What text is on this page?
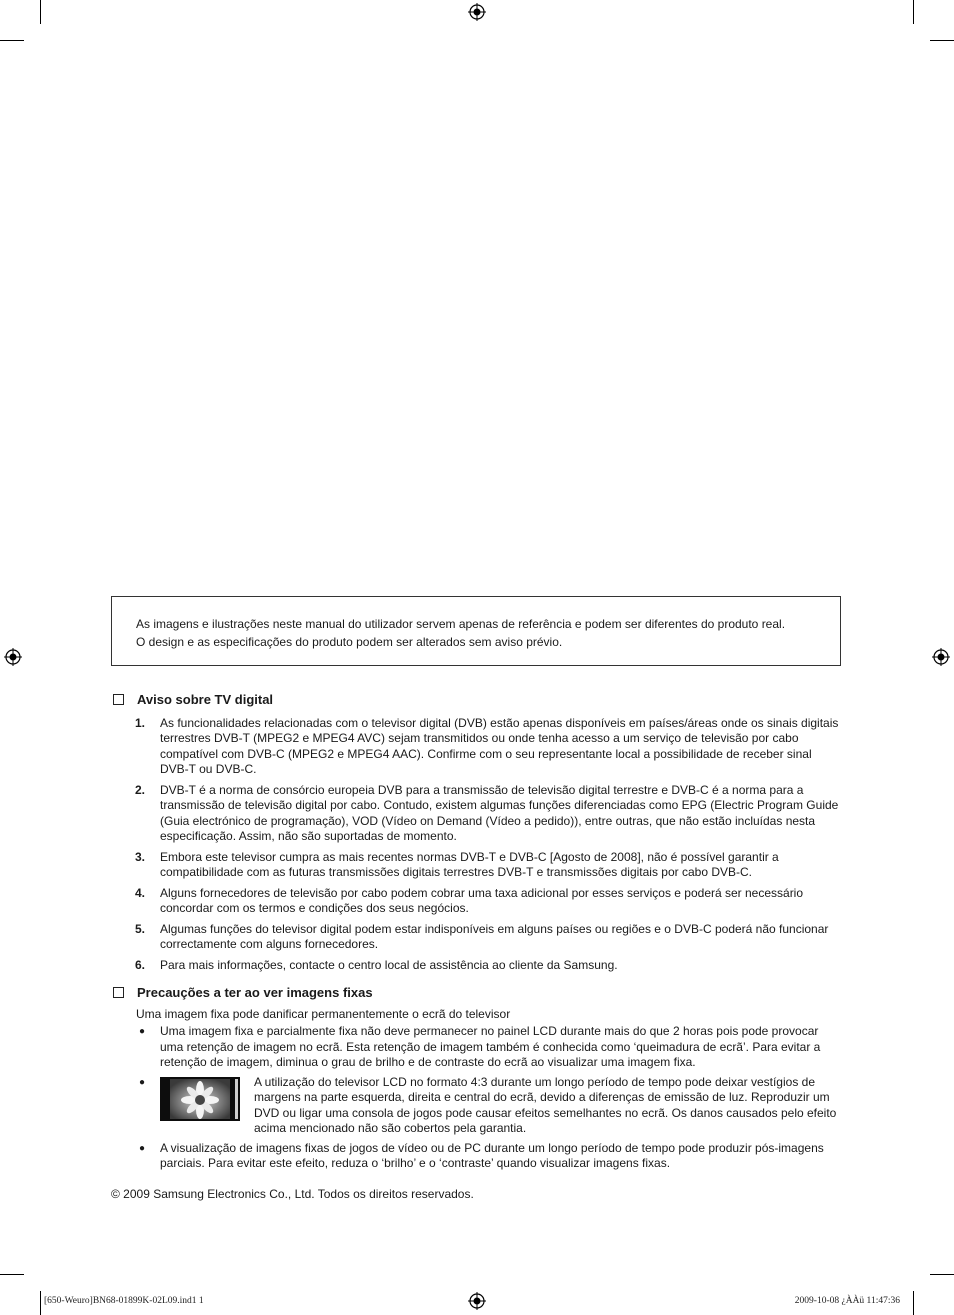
As imagens e ilustrações neste manual do utilizador servem apenas de referência e podem ser diferentes do produto real.

O design e as especificações do produto podem ser alterados sem aviso prévio.

Aviso sobre TV digital
1.	As funcionalidades relacionadas com o televisor digital (DVB) estão apenas disponíveis em países/áreas onde os sinais digitais terrestres DVB-T (MPEG2 e MPEG4 AVC) sejam transmitidos ou onde tenha acesso a um serviço de televisão por cabo compatível com DVB-C (MPEG2 e MPEG4 AAC). Confirme com o seu representante local a possibilidade de receber sinal DVB-T ou DVB-C.
2.	DVB-T é a norma de consórcio europeia DVB para a transmissão de televisão digital terrestre e DVB-C é a norma para a transmissão de televisão digital por cabo. Contudo, existem algumas funções diferenciadas como EPG (Electric Program Guide (Guia electrónico de programação), VOD (Vídeo on Demand (Vídeo a pedido)), entre outras, que não estão incluídas nesta especificação. Assim, não são suportadas de momento.
3.	Embora este televisor cumpra as mais recentes normas DVB-T e DVB-C [Agosto de 2008], não é possível garantir a compatibilidade com as futuras transmissões digitais terrestres DVB-T e transmissões digitais por cabo DVB-C.
4.	Alguns fornecedores de televisão por cabo podem cobrar uma taxa adicional por esses serviços e poderá ser necessário concordar com os termos e condições dos seus negócios.
5.	Algumas funções do televisor digital podem estar indisponíveis em alguns países ou regiões e o DVB-C poderá não funcionar correctamente com alguns fornecedores.
6.	Para mais informações, contacte o centro local de assistência ao cliente da Samsung.
Precauções a ter ao ver imagens fixas
Uma imagem fixa pode danificar permanentemente o ecrã do televisor
●	Uma imagem fixa e parcialmente fixa não deve permanecer no painel LCD durante mais do que 2 horas pois pode provocar uma retenção de imagem no ecrã. Esta retenção de imagem também é conhecida como ‘queimadura de ecrã’. Para evitar a retenção de imagem, diminua o grau de brilho e de contraste do ecrã ao visualizar uma imagem fixa.
●	A utilização do televisor LCD no formato 4:3 durante um longo período de tempo pode deixar vestígios de margens na parte esquerda, direita e central do ecrã, devido a diferenças de emissão de luz. Reproduzir um DVD ou ligar uma consola de jogos pode causar efeitos semelhantes no ecrã. Os danos causados pelo efeito acima mencionado não são cobertos pela garantia.
●	A visualização de imagens fixas de jogos de vídeo ou de PC durante um longo período de tempo pode produzir pós-imagens parciais. Para evitar este efeito, reduza o ‘brilho’ e o ‘contraste’ quando visualizar imagens fixas.
© 2009 Samsung Electronics Co., Ltd. Todos os direitos reservados.
[650-Weuro]BN68-01899K-02L09.ind1 1	2009-10-08 ¿ÀÀü 11:47:36
